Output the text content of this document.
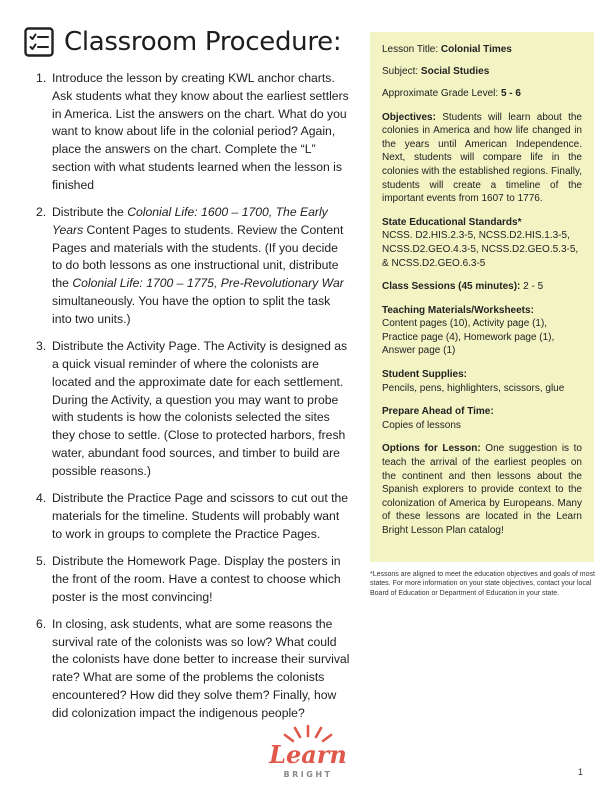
Classroom Procedure:
1. Introduce the lesson by creating KWL anchor charts. Ask students what they know about the earliest settlers in America. List the answers on the chart. What do you want to know about life in the colonial period? Again, place the answers on the chart. Complete the “L” section with what students learned when the lesson is finished
2. Distribute the Colonial Life: 1600 – 1700, The Early Years Content Pages to students. Review the Content Pages and materials with the students. (If you decide to do both lessons as one instructional unit, distribute the Colonial Life: 1700 – 1775, Pre-Revolutionary War simultaneously. You have the option to split the task into two units.)
3. Distribute the Activity Page. The Activity is designed as a quick visual reminder of where the colonists are located and the approximate date for each settlement. During the Activity, a question you may want to probe with students is how the colonists selected the sites they chose to settle. (Close to protected harbors, fresh water, abundant food sources, and timber to build are possible reasons.)
4. Distribute the Practice Page and scissors to cut out the materials for the timeline. Students will probably want to work in groups to complete the Practice Pages.
5. Distribute the Homework Page. Display the posters in the front of the room. Have a contest to choose which poster is the most convincing!
6. In closing, ask students, what are some reasons the survival rate of the colonists was so low? What could the colonists have done better to increase their survival rate? What are some of the problems the colonists encountered? How did they solve them? Finally, how did colonization impact the indigenous people?

Lesson Title: Colonial Times

Subject: Social Studies

Approximate Grade Level: 5 - 6

Objectives: Students will learn about the colonies in America and how life changed in the years until American Independence. Next, students will compare life in the colonies with the established regions. Finally, students will create a timeline of the important events from 1607 to 1776.

State Educational Standards*

NCSS. D2.HIS.2.3-5, NCSS.D2.HIS.1.3-5, NCSS.D2.GEO.4.3-5, NCSS.D2.GEO.5.3-5, & NCSS.D2.GEO.6.3-5

Class Sessions (45 minutes): 2 - 5

Teaching Materials/Worksheets:

Content pages (10), Activity page (1), Practice page (4), Homework page (1), Answer page (1)

Student Supplies:

Pencils, pens, highlighters, scissors, glue

Prepare Ahead of Time:

Copies of lessons

Options for Lesson: One suggestion is to teach the arrival of the earliest peoples on the continent and then lessons about the Spanish explorers to provide context to the colonization of America by Europeans. Many of these lessons are located in the Learn Bright Lesson Plan catalog!

*Lessons are aligned to meet the education objectives and goals of most states. For more information on your state objectives, contact your local Board of Education or Department of Education in your state.
Learn
BRIGHT	1
